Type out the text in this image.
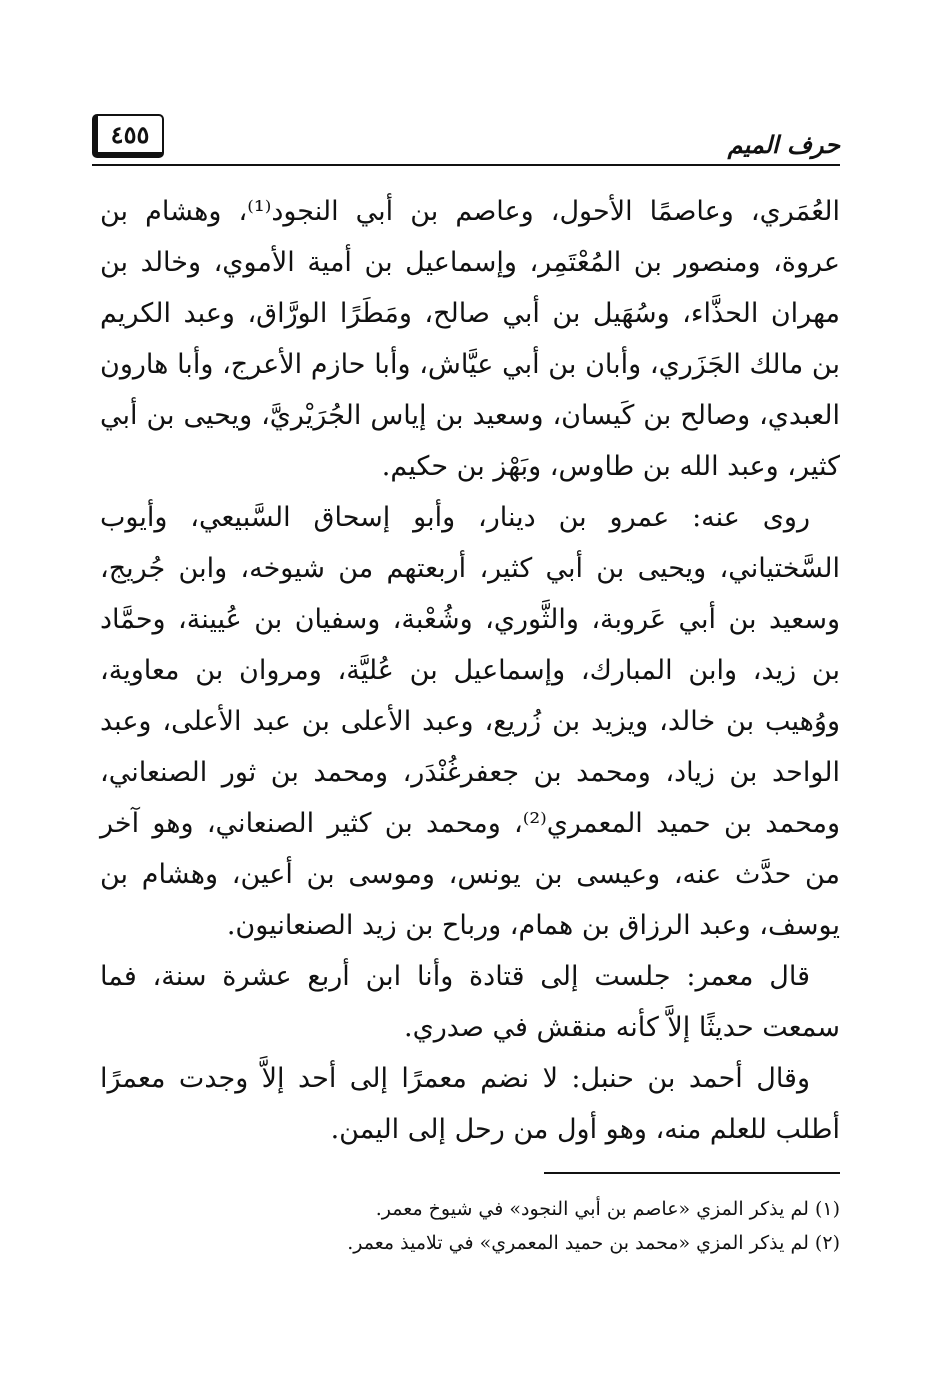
حرف الميم
٤٥٥

العُمَري، وعاصمًا الأحول، وعاصم بن أبي النجود⁽¹⁾، وهشام بن عروة، ومنصور بن المُعْتَمِر، وإسماعيل بن أمية الأموي، وخالد بن مهران الحذَّاء، وسُهَيل بن أبي صالح، ومَطَرًا الورَّاق، وعبد الكريم بن مالك الجَزَري، وأبان بن أبي عيَّاش، وأبا حازم الأعرج، وأبا هارون العبدي، وصالح بن كَيسان، وسعيد بن إياس الجُرَيْريَّ، ويحيى بن أبي كثير، وعبد الله بن طاوس، وبَهْز بن حكيم.

روى عنه: عمرو بن دينار، وأبو إسحاق السَّبيعي، وأيوب السَّختياني، ويحيى بن أبي كثير، أربعتهم من شيوخه، وابن جُريج، وسعيد بن أبي عَروبة، والثَّوري، وشُعْبة، وسفيان بن عُيينة، وحمَّاد بن زيد، وابن المبارك، وإسماعيل بن عُليَّة، ومروان بن معاوية، ووُهيب بن خالد، ويزيد بن زُريع، وعبد الأعلى بن عبد الأعلى، وعبد الواحد بن زياد، ومحمد بن جعفرغُنْدَر، ومحمد بن ثور الصنعاني، ومحمد بن حميد المعمري⁽²⁾، ومحمد بن كثير الصنعاني، وهو آخر من حدَّث عنه، وعيسى بن يونس، وموسى بن أعين، وهشام بن يوسف، وعبد الرزاق بن همام، ورباح بن زيد الصنعانيون.

قال معمر: جلست إلى قتادة وأنا ابن أربع عشرة سنة، فما سمعت حديثًا إلاَّ كأنه منقش في صدري.

وقال أحمد بن حنبل: لا نضم معمرًا إلى أحد إلاَّ وجدت معمرًا أطلب للعلم منه، وهو أول من رحل إلى اليمن.

(١) لم يذكر المزي «عاصم بن أبي النجود» في شيوخ معمر.

(٢) لم يذكر المزي «محمد بن حميد المعمري» في تلاميذ معمر.
